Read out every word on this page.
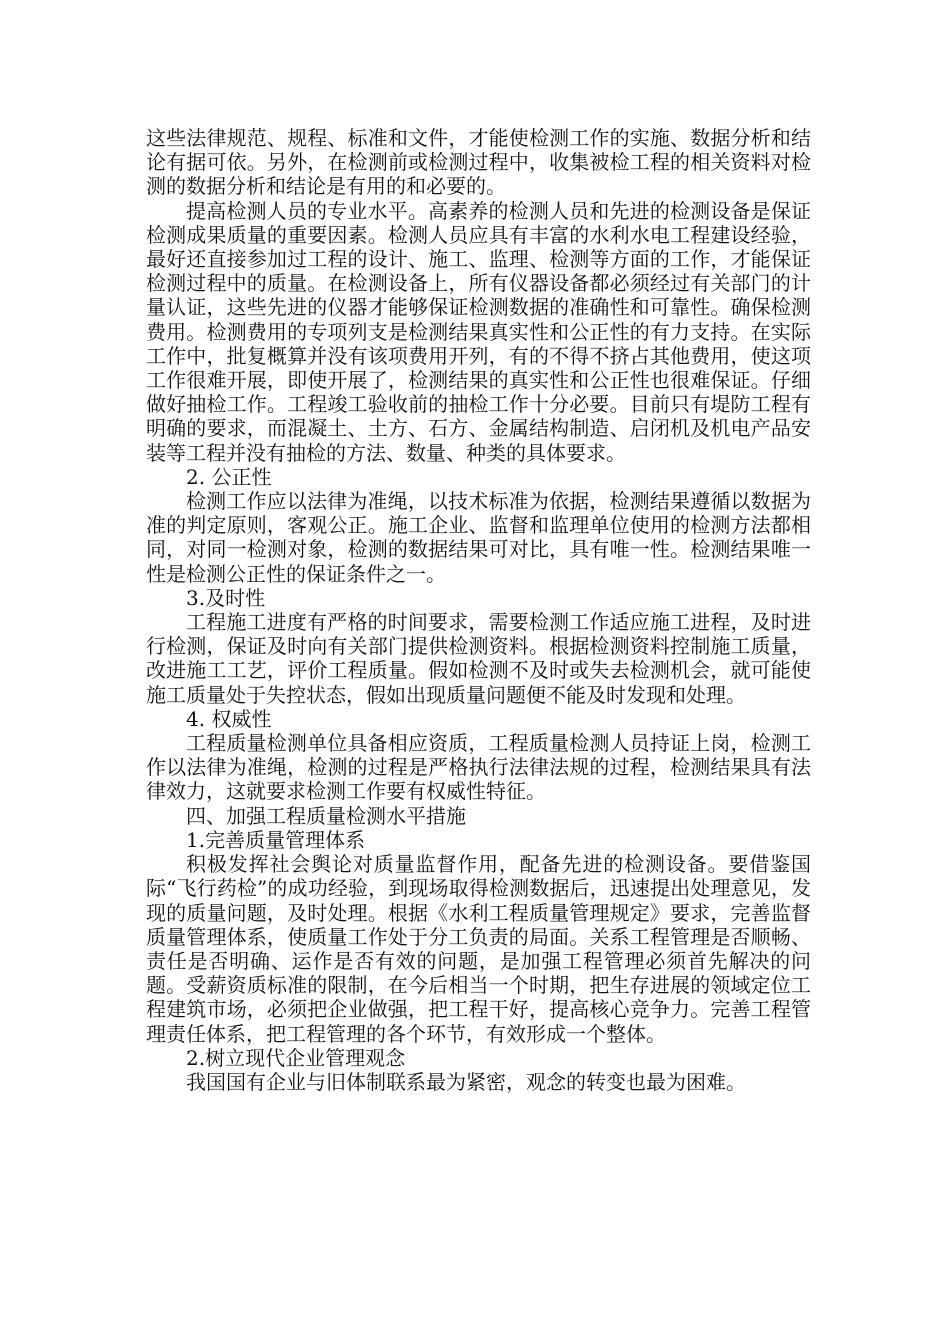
这些法律规范、规程、标准和文件，才能使检测工作的实施、数据分析和结论有据可依。另外，在检测前或检测过程中，收集被检工程的相关资料对检测的数据分析和结论是有用的和必要的。

提高检测人员的专业水平。高素养的检测人员和先进的检测设备是保证检测成果质量的重要因素。检测人员应具有丰富的水利水电工程建设经验，最好还直接参加过工程的设计、施工、监理、检测等方面的工作，才能保证检测过程中的质量。在检测设备上，所有仪器设备都必须经过有关部门的计量认证，这些先进的仪器才能够保证检测数据的准确性和可靠性。确保检测费用。检测费用的专项列支是检测结果真实性和公正性的有力支持。在实际工作中，批复概算并没有该项费用开列，有的不得不挤占其他费用，使这项工作很难开展，即使开展了，检测结果的真实性和公正性也很难保证。仔细做好抽检工作。工程竣工验收前的抽检工作十分必要。目前只有堤防工程有明确的要求，而混凝土、土方、石方、金属结构制造、启闭机及机电产品安装等工程并没有抽检的方法、数量、种类的具体要求。

2. 公正性

检测工作应以法律为准绳，以技术标准为依据，检测结果遵循以数据为准的判定原则，客观公正。施工企业、监督和监理单位使用的检测方法都相同，对同一检测对象，检测的数据结果可对比，具有唯一性。检测结果唯一性是检测公正性的保证条件之一。

3.及时性

工程施工进度有严格的时间要求，需要检测工作适应施工进程，及时进行检测，保证及时向有关部门提供检测资料。根据检测资料控制施工质量，改进施工工艺，评价工程质量。假如检测不及时或失去检测机会，就可能使施工质量处于失控状态，假如出现质量问题便不能及时发现和处理。

4. 权威性

工程质量检测单位具备相应资质，工程质量检测人员持证上岗，检测工作以法律为准绳，检测的过程是严格执行法律法规的过程，检测结果具有法律效力，这就要求检测工作要有权威性特征。

四、加强工程质量检测水平措施

1.完善质量管理体系

积极发挥社会舆论对质量监督作用，配备先进的检测设备。要借鉴国际“飞行药检”的成功经验，到现场取得检测数据后，迅速提出处理意见，发现的质量问题，及时处理。根据《水利工程质量管理规定》要求，完善监督质量管理体系，使质量工作处于分工负责的局面。关系工程管理是否顺畅、责任是否明确、运作是否有效的问题，是加强工程管理必须首先解决的问题。受薪资质标准的限制，在今后相当一个时期，把生存进展的领域定位工程建筑市场，必须把企业做强，把工程干好，提高核心竞争力。完善工程管理责任体系，把工程管理的各个环节，有效形成一个整体。

2.树立现代企业管理观念

我国国有企业与旧体制联系最为紧密，观念的转变也最为困难。
